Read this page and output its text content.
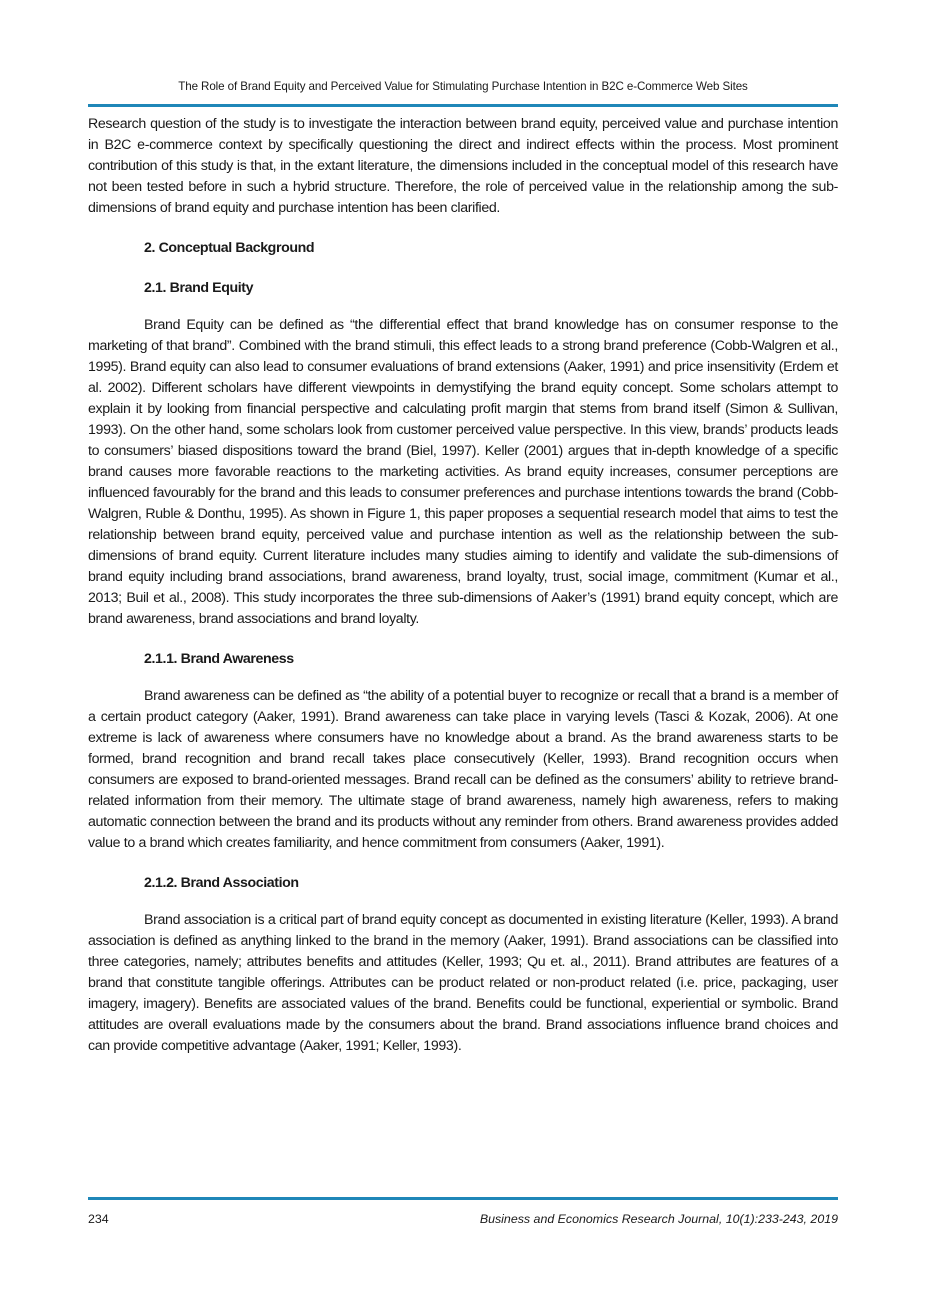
The Role of Brand Equity and Perceived Value for Stimulating Purchase Intention in B2C e-Commerce Web Sites

Research question of the study is to investigate the interaction between brand equity, perceived value and purchase intention in B2C e-commerce context by specifically questioning the direct and indirect effects within the process. Most prominent contribution of this study is that, in the extant literature, the dimensions included in the conceptual model of this research have not been tested before in such a hybrid structure. Therefore, the role of perceived value in the relationship among the sub-dimensions of brand equity and purchase intention has been clarified.

2. Conceptual Background

2.1. Brand Equity

Brand Equity can be defined as “the differential effect that brand knowledge has on consumer response to the marketing of that brand”. Combined with the brand stimuli, this effect leads to a strong brand preference (Cobb-Walgren et al., 1995). Brand equity can also lead to consumer evaluations of brand extensions (Aaker, 1991) and price insensitivity (Erdem et al. 2002). Different scholars have different viewpoints in demystifying the brand equity concept. Some scholars attempt to explain it by looking from financial perspective and calculating profit margin that stems from brand itself (Simon & Sullivan, 1993). On the other hand, some scholars look from customer perceived value perspective. In this view, brands’ products leads to consumers’ biased dispositions toward the brand (Biel, 1997). Keller (2001) argues that in-depth knowledge of a specific brand causes more favorable reactions to the marketing activities. As brand equity increases, consumer perceptions are influenced favourably for the brand and this leads to consumer preferences and purchase intentions towards the brand (Cobb-Walgren, Ruble & Donthu, 1995). As shown in Figure 1, this paper proposes a sequential research model that aims to test the relationship between brand equity, perceived value and purchase intention as well as the relationship between the sub-dimensions of brand equity. Current literature includes many studies aiming to identify and validate the sub-dimensions of brand equity including brand associations, brand awareness, brand loyalty, trust, social image, commitment (Kumar et al., 2013; Buil et al., 2008). This study incorporates the three sub-dimensions of Aaker’s (1991) brand equity concept, which are brand awareness, brand associations and brand loyalty.

2.1.1. Brand Awareness

Brand awareness can be defined as “the ability of a potential buyer to recognize or recall that a brand is a member of a certain product category (Aaker, 1991). Brand awareness can take place in varying levels (Tasci & Kozak, 2006). At one extreme is lack of awareness where consumers have no knowledge about a brand. As the brand awareness starts to be formed, brand recognition and brand recall takes place consecutively (Keller, 1993). Brand recognition occurs when consumers are exposed to brand-oriented messages. Brand recall can be defined as the consumers’ ability to retrieve brand-related information from their memory. The ultimate stage of brand awareness, namely high awareness, refers to making automatic connection between the brand and its products without any reminder from others. Brand awareness provides added value to a brand which creates familiarity, and hence commitment from consumers (Aaker, 1991).

2.1.2. Brand Association

Brand association is a critical part of brand equity concept as documented in existing literature (Keller, 1993). A brand association is defined as anything linked to the brand in the memory (Aaker, 1991). Brand associations can be classified into three categories, namely; attributes benefits and attitudes (Keller, 1993; Qu et. al., 2011). Brand attributes are features of a brand that constitute tangible offerings. Attributes can be product related or non-product related (i.e. price, packaging, user imagery, imagery). Benefits are associated values of the brand. Benefits could be functional, experiential or symbolic. Brand attitudes are overall evaluations made by the consumers about the brand. Brand associations influence brand choices and can provide competitive advantage (Aaker, 1991; Keller, 1993).

234	Business and Economics Research Journal, 10(1):233-243, 2019
